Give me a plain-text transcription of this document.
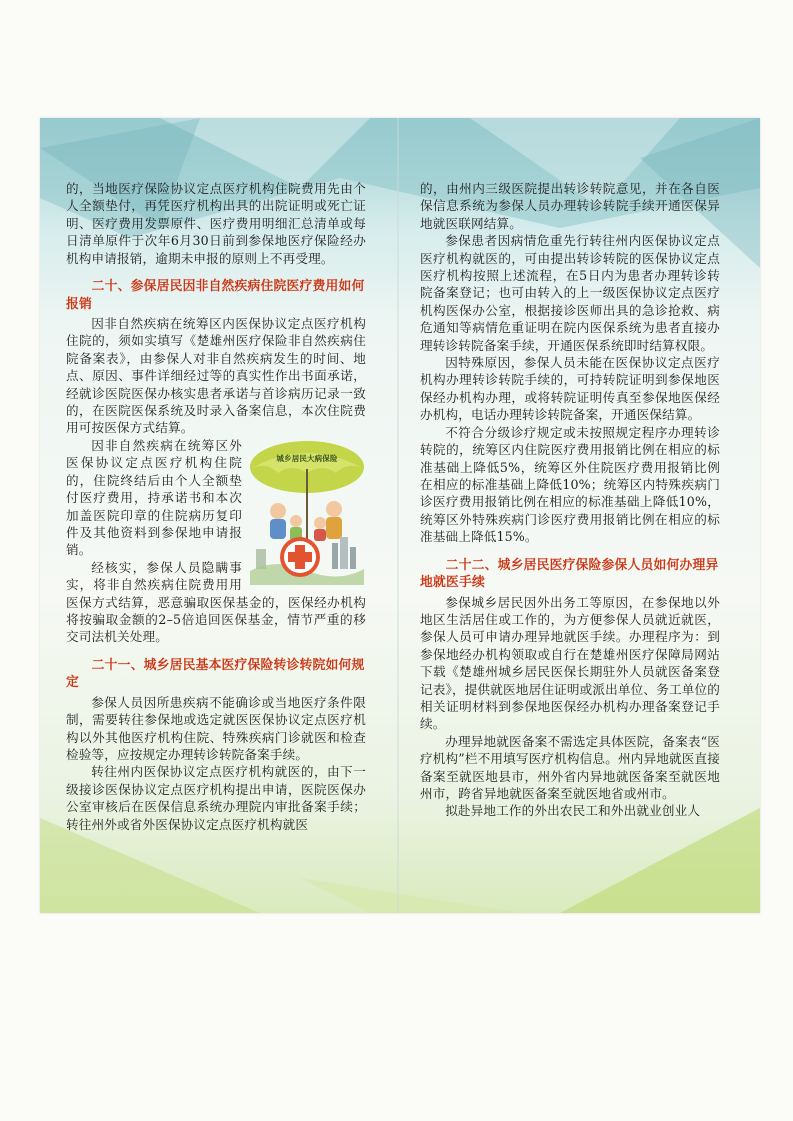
的，当地医疗保险协议定点医疗机构住院费用先由个人全额垫付，再凭医疗机构出具的出院证明或死亡证明、医疗费用发票原件、医疗费用明细汇总清单或每日清单原件于次年6月30日前到参保地医疗保险经办机构申请报销，逾期未申报的原则上不再受理。

二十、参保居民因非自然疾病住院医疗费用如何报销

因非自然疾病在统筹区内医保协议定点医疗机构住院的，须如实填写《楚雄州医疗保险非自然疾病住院备案表》，由参保人对非自然疾病发生的时间、地点、原因、事件详细经过等的真实性作出书面承诺，经就诊医院医保办核实患者承诺与首诊病历记录一致的，在医院医保系统及时录入备案信息，本次住院费用可按医保方式结算。

城乡居民大病保险

因非自然疾病在统筹区外医保协议定点医疗机构住院的，住院终结后由个人全额垫付医疗费用，持承诺书和本次加盖医院印章的住院病历复印件及其他资料到参保地申请报销。

经核实，参保人员隐瞒事实，将非自然疾病住院费用用医保方式结算，恶意骗取医保基金的，医保经办机构将按骗取金额的2–5倍追回医保基金，情节严重的移交司法机关处理。

二十一、城乡居民基本医疗保险转诊转院如何规定

参保人员因所患疾病不能确诊或当地医疗条件限制，需要转往参保地或选定就医医保协议定点医疗机构以外其他医疗机构住院、特殊疾病门诊就医和检查检验等，应按规定办理转诊转院备案手续。

转往州内医保协议定点医疗机构就医的，由下一级接诊医保协议定点医疗机构提出申请，医院医保办公室审核后在医保信息系统办理院内审批备案手续；转往州外或省外医保协议定点医疗机构就医

的，由州内三级医院提出转诊转院意见，并在各自医保信息系统为参保人员办理转诊转院手续开通医保异地就医联网结算。

参保患者因病情危重先行转往州内医保协议定点医疗机构就医的，可由提出转诊转院的医保协议定点医疗机构按照上述流程，在5日内为患者办理转诊转院备案登记；也可由转入的上一级医保协议定点医疗机构医保办公室，根据接诊医师出具的急诊抢救、病危通知等病情危重证明在院内医保系统为患者直接办理转诊转院备案手续，开通医保系统即时结算权限。

因特殊原因，参保人员未能在医保协议定点医疗机构办理转诊转院手续的，可持转院证明到参保地医保经办机构办理，或将转院证明传真至参保地医保经办机构，电话办理转诊转院备案，开通医保结算。

不符合分级诊疗规定或未按照规定程序办理转诊转院的，统筹区内住院医疗费用报销比例在相应的标准基础上降低5%，统筹区外住院医疗费用报销比例在相应的标准基础上降低10%；统筹区内特殊疾病门诊医疗费用报销比例在相应的标准基础上降低10%，统筹区外特殊疾病门诊医疗费用报销比例在相应的标准基础上降低15%。

二十二、城乡居民医疗保险参保人员如何办理异地就医手续

参保城乡居民因外出务工等原因，在参保地以外地区生活居住或工作的，为方便参保人员就近就医，参保人员可申请办理异地就医手续。办理程序为：到参保地经办机构领取或自行在楚雄州医疗保障局网站下载《楚雄州城乡居民医保长期驻外人员就医备案登记表》，提供就医地居住证明或派出单位、务工单位的相关证明材料到参保地医保经办机构办理备案登记手续。

办理异地就医备案不需选定具体医院，备案表“医疗机构”栏不用填写医疗机构信息。州内异地就医直接备案至就医地县市，州外省内异地就医备案至就医地州市，跨省异地就医备案至就医地省或州市。

拟赴异地工作的外出农民工和外出就业创业人
